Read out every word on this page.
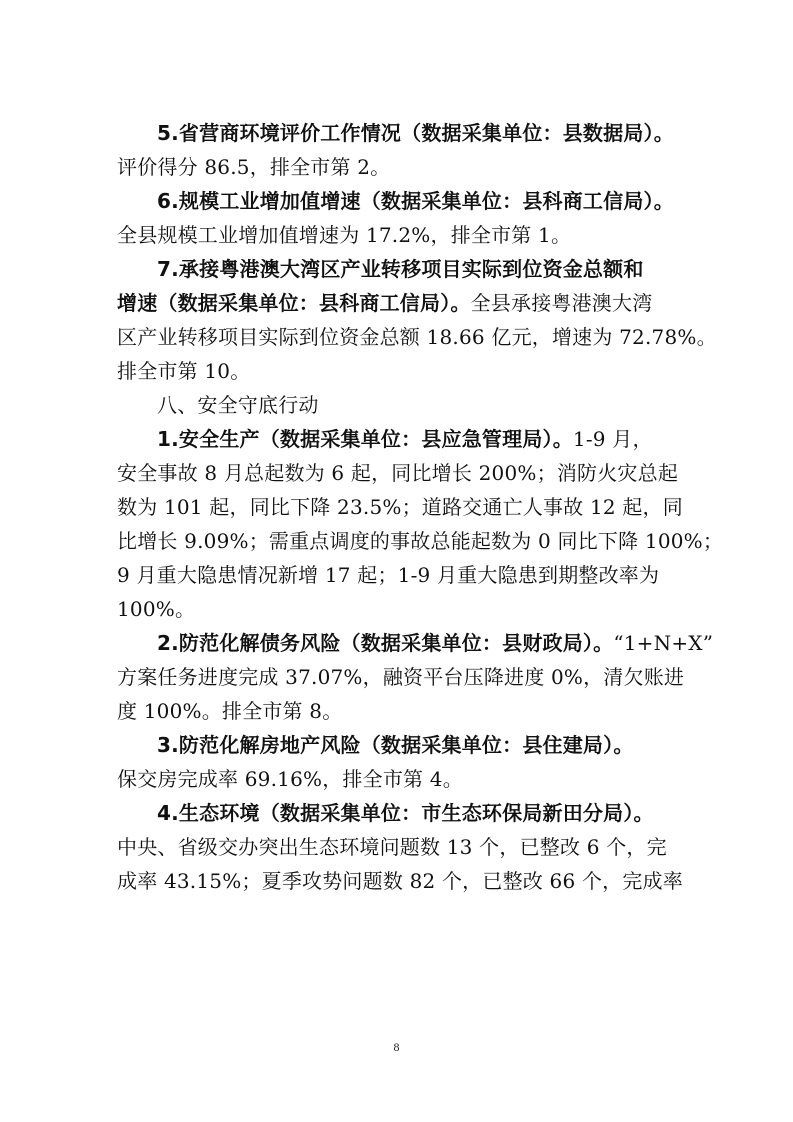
5.省营商环境评价工作情况（数据采集单位：县数据局）。
评价得分 86.5，排全市第 2。
6.规模工业增加值增速（数据采集单位：县科商工信局）。
全县规模工业增加值增速为 17.2%，排全市第 1。
7.承接粤港澳大湾区产业转移项目实际到位资金总额和
增速（数据采集单位：县科商工信局）。全县承接粤港澳大湾
区产业转移项目实际到位资金总额 18.66 亿元，增速为 72.78%。
排全市第 10。
八、安全守底行动
1.安全生产（数据采集单位：县应急管理局）。1-9 月，
安全事故 8 月总起数为 6 起，同比增长 200%；消防火灾总起
数为 101 起，同比下降 23.5%；道路交通亡人事故 12 起，同
比增长 9.09%；需重点调度的事故总能起数为 0 同比下降 100%；
9 月重大隐患情况新增 17 起；1-9 月重大隐患到期整改率为
100%。
2.防范化解债务风险（数据采集单位：县财政局）。“1+N+X”
方案任务进度完成 37.07%，融资平台压降进度 0%，清欠账进
度 100%。排全市第 8。
3.防范化解房地产风险（数据采集单位：县住建局）。
保交房完成率 69.16%，排全市第 4。
4.生态环境（数据采集单位：市生态环保局新田分局）。
中央、省级交办突出生态环境问题数 13 个，已整改 6 个，完
成率 43.15%；夏季攻势问题数 82 个，已整改 66 个，完成率
8
